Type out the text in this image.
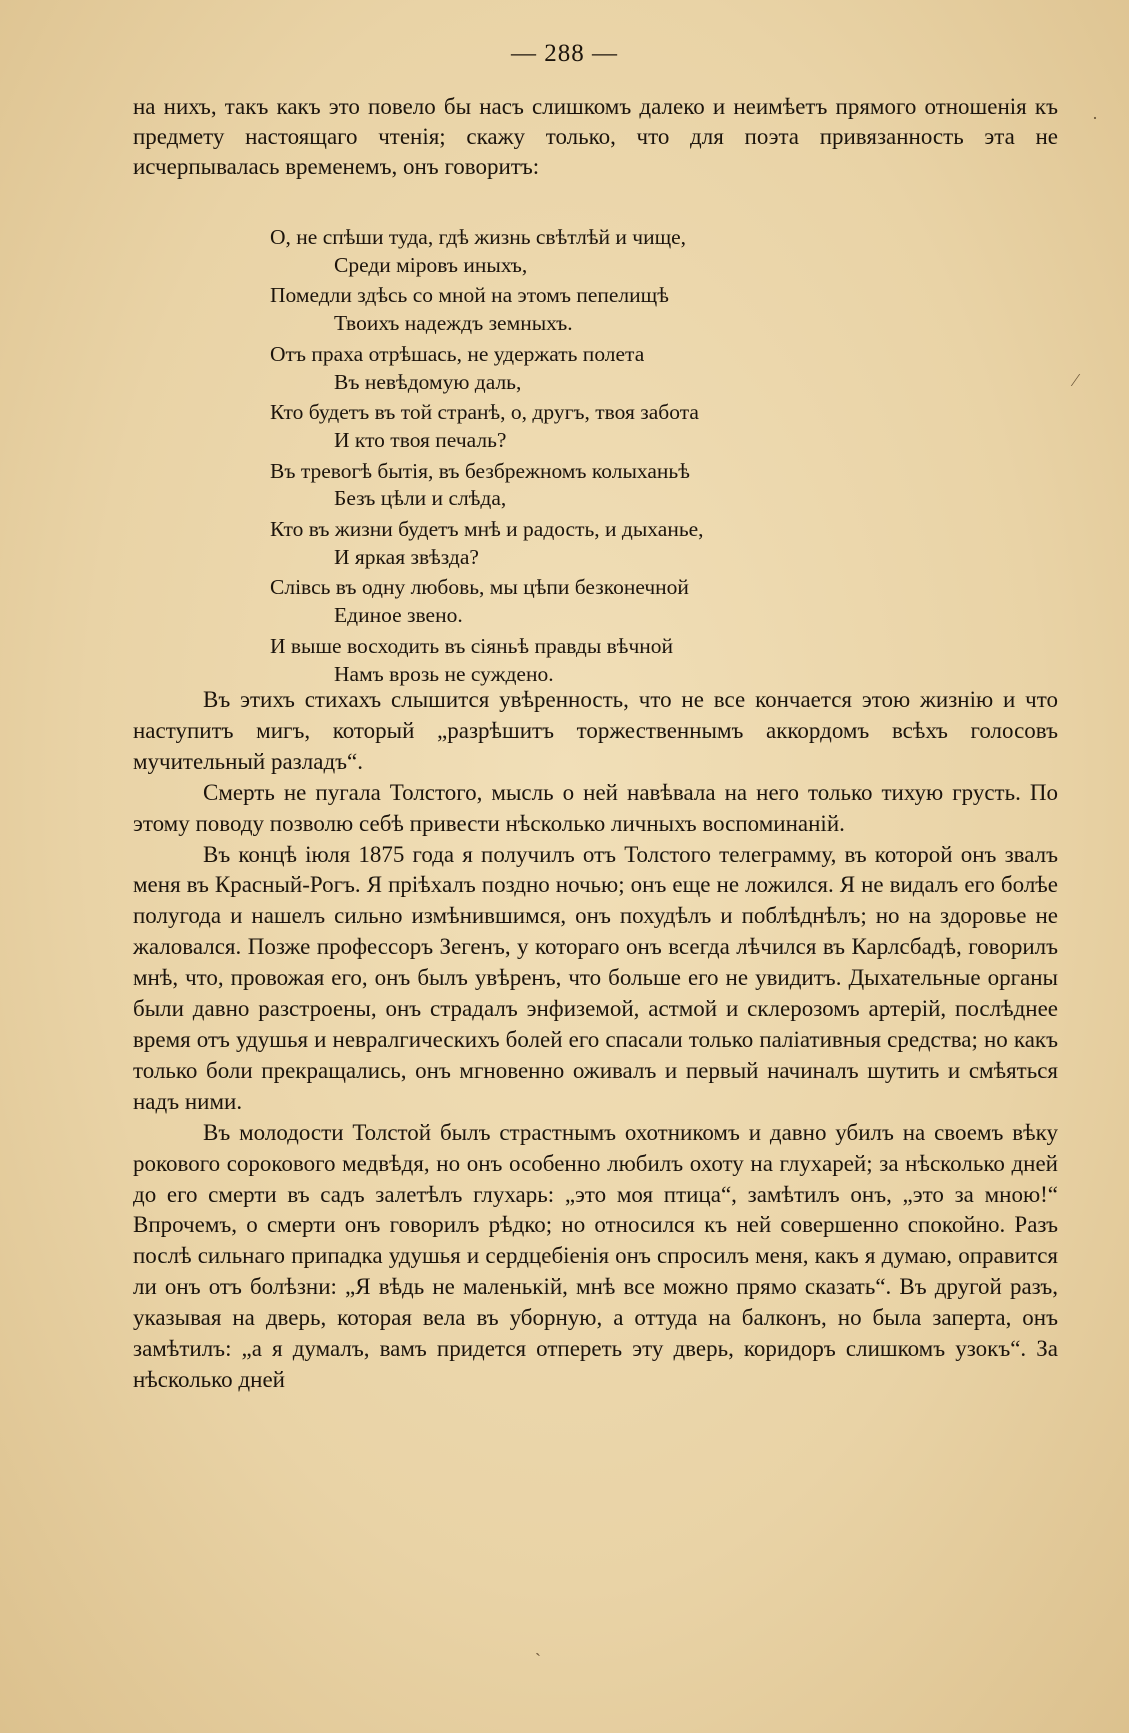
— 288 —

на нихъ, такъ какъ это повело бы насъ слишкомъ далеко и неимѣетъ прямого отношенія къ предмету настоящаго чтенія; скажу только, что для поэта привязанность эта не исчерпывалась временемъ, онъ говоритъ:

О, не спѣши туда, гдѣ жизнь свѣтлѣй и чище,
Среди міровъ иныхъ,
Помедли здѣсь со мной на этомъ пепелищѣ
Твоихъ надеждъ земныхъ.
Отъ праха отрѣшась, не удержать полета
Въ невѣдомую даль,
Кто будетъ въ той странѣ, о, другъ, твоя забота
И кто твоя печаль?
Въ тревогѣ бытія, въ безбрежномъ колыханьѣ
Безъ цѣли и слѣда,
Кто въ жизни будетъ мнѣ и радость, и дыханье,
И яркая звѣзда?
Слівсь въ одну любовь, мы цѣпи безконечной
Единое звено.
И выше восходить въ сіяньѣ правды вѣчной
Намъ врозь не суждено.

Въ этихъ стихахъ слышится увѣренность, что не все кончается этою жизнію и что наступитъ мигъ, который „разрѣшитъ торжественнымъ аккордомъ всѣхъ голосовъ мучительный разладъ“.

Смерть не пугала Толстого, мысль о ней навѣвала на него только тихую грусть. По этому поводу позволю себѣ привести нѣсколько личныхъ воспоминаній.

Въ концѣ іюля 1875 года я получилъ отъ Толстого телеграмму, въ которой онъ звалъ меня въ Красный-Рогъ. Я пріѣхалъ поздно ночью; онъ еще не ложился. Я не видалъ его болѣе полугода и нашелъ сильно измѣнившимся, онъ похудѣлъ и поблѣднѣлъ; но на здоровье не жаловался. Позже профессоръ Зегенъ, у котораго онъ всегда лѣчился въ Карлсбадѣ, говорилъ мнѣ, что, провожая его, онъ былъ увѣренъ, что больше его не увидитъ. Дыхательные органы были давно разстроены, онъ страдалъ энфиземой, астмой и склерозомъ артерій, послѣднее время отъ удушья и невралгическихъ болей его спасали только паліативныя средства; но какъ только боли прекращались, онъ мгновенно оживалъ и первый начиналъ шутить и смѣяться надъ ними.

Въ молодости Толстой былъ страстнымъ охотникомъ и давно убилъ на своемъ вѣку рокового сорокового медвѣдя, но онъ особенно любилъ охоту на глухарей; за нѣсколько дней до его смерти въ садъ залетѣлъ глухарь: „это моя птица“, замѣтилъ онъ, „это за мною!“ Впрочемъ, о смерти онъ говорилъ рѣдко; но относился къ ней совершенно спокойно. Разъ послѣ сильнаго припадка удушья и сердцебіенія онъ спросилъ меня, какъ я думаю, оправится ли онъ отъ болѣзни: „Я вѣдь не маленькій, мнѣ все можно прямо сказать“. Въ другой разъ, указывая на дверь, которая вела въ уборную, а оттуда на балконъ, но была заперта, онъ замѣтилъ: „а я думалъ, вамъ придется отпереть эту дверь, коридоръ слишкомъ узокъ“. За нѣсколько дней

·
⁄
ˎ
